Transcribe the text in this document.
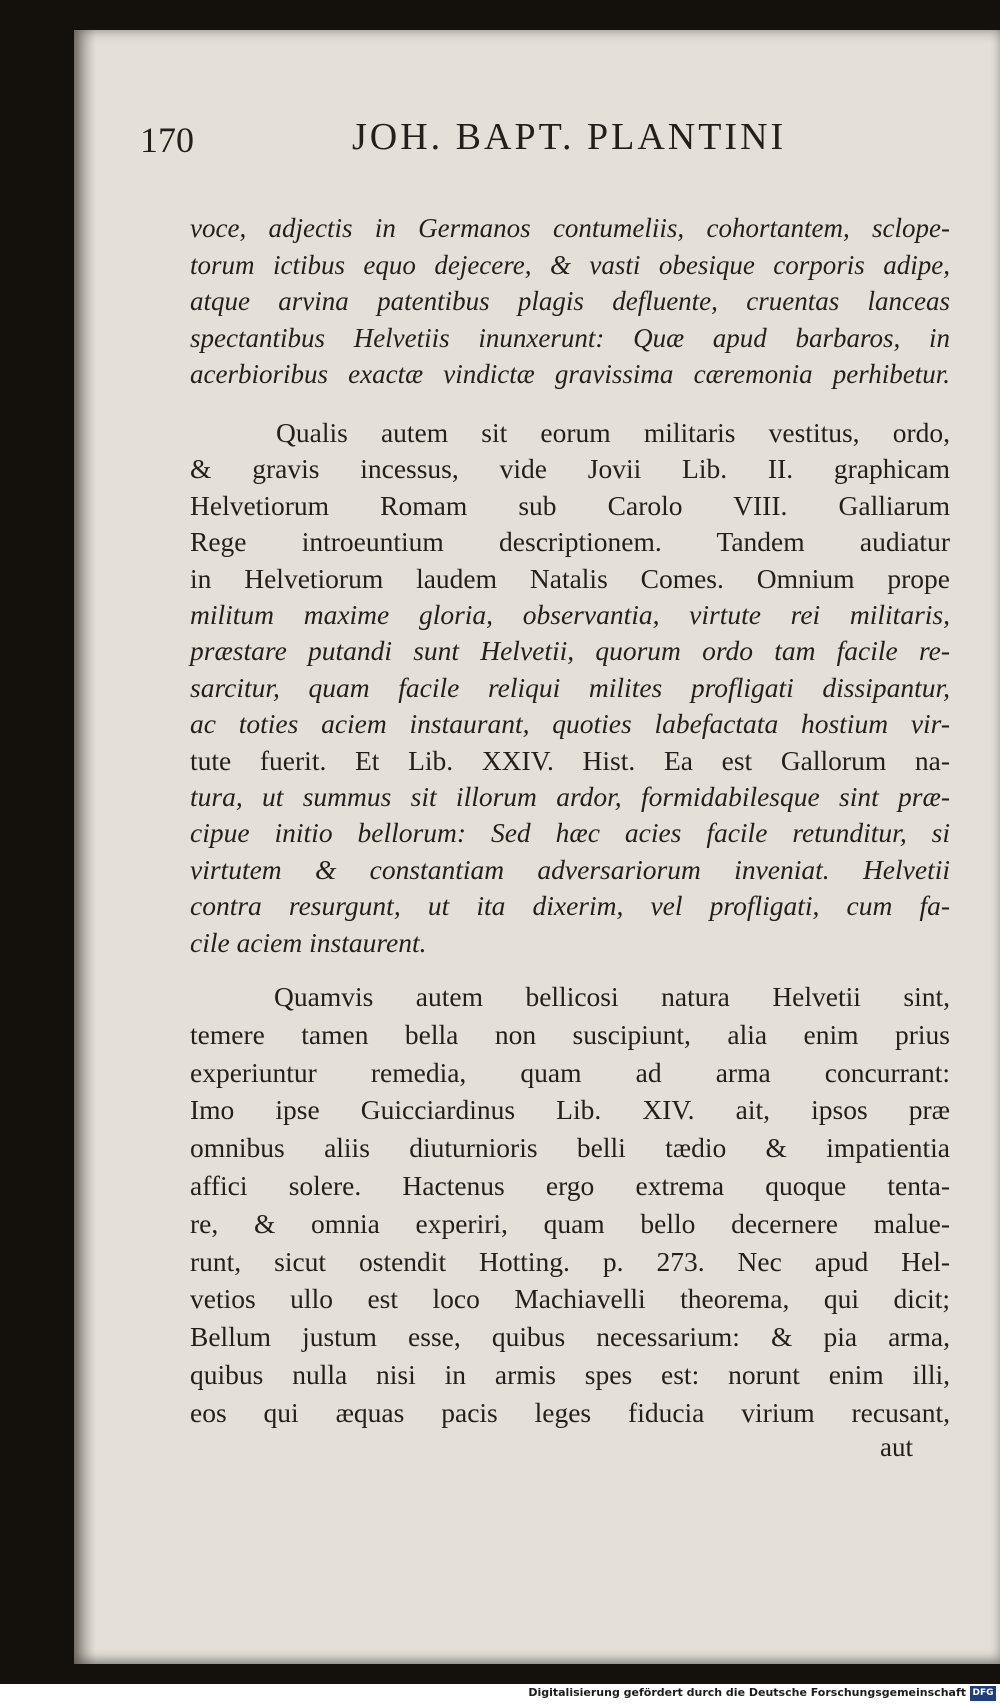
170	JOH. BAPT. PLANTINI
voce, adjectis in Germanos contumeliis, cohortantem, sclope-
torum ictibus equo dejecere, & vasti obesique corporis adipe,
atque arvina patentibus plagis defluente, cruentas lanceas
spectantibus Helvetiis inunxerunt: Quæ apud barbaros, in
acerbioribus exactæ vindictæ gravissima cæremonia perhibetur.
Qualis autem sit eorum militaris vestitus, ordo,
& gravis incessus, vide Jovii Lib. II. graphicam
Helvetiorum Romam sub Carolo VIII. Galliarum
Rege introeuntium descriptionem. Tandem audiatur
in Helvetiorum laudem Natalis Comes. Omnium prope
militum maxime gloria, observantia, virtute rei militaris,
præstare putandi sunt Helvetii, quorum ordo tam facile re-
sarcitur, quam facile reliqui milites profligati dissipantur,
ac toties aciem instaurant, quoties labefactata hostium vir-
tute fuerit. Et Lib. XXIV. Hist. Ea est Gallorum na-
tura, ut summus sit illorum ardor, formidabilesque sint præ-
cipue initio bellorum: Sed hæc acies facile retunditur, si
virtutem & constantiam adversariorum inveniat. Helvetii
contra resurgunt, ut ita dixerim, vel profligati, cum fa-
cile aciem instaurent.
Quamvis autem bellicosi natura Helvetii sint,
temere tamen bella non suscipiunt, alia enim prius
experiuntur remedia, quam ad arma concurrant:
Imo ipse Guicciardinus Lib. XIV. ait, ipsos præ
omnibus aliis diuturnioris belli tædio & impatientia
affici solere. Hactenus ergo extrema quoque tenta-
re, & omnia experiri, quam bello decernere malue-
runt, sicut ostendit Hotting. p. 273. Nec apud Hel-
vetios ullo est loco Machiavelli theorema, qui dicit;
Bellum justum esse, quibus necessarium: & pia arma,
quibus nulla nisi in armis spes est: norunt enim illi,
eos qui æquas pacis leges fiducia virium recusant,
aut
Digitalisierung gefördert durch die Deutsche Forschungsgemeinschaft DFG
